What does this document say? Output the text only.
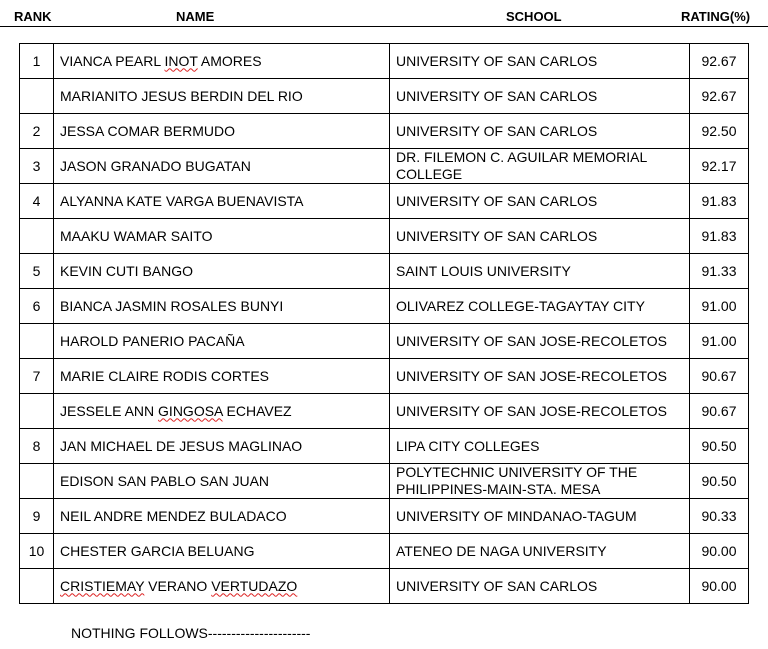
RANK	NAME	SCHOOL	RATING(%)
1	VIANCA PEARL INOT AMORES	UNIVERSITY OF SAN CARLOS	92.67
	MARIANITO JESUS BERDIN DEL RIO	UNIVERSITY OF SAN CARLOS	92.67
2	JESSA COMAR BERMUDO	UNIVERSITY OF SAN CARLOS	92.50
3	JASON GRANADO BUGATAN	DR. FILEMON C. AGUILAR MEMORIAL COLLEGE	92.17
4	ALYANNA KATE VARGA BUENAVISTA	UNIVERSITY OF SAN CARLOS	91.83
	MAAKU WAMAR SAITO	UNIVERSITY OF SAN CARLOS	91.83
5	KEVIN CUTI BANGO	SAINT LOUIS UNIVERSITY	91.33
6	BIANCA JASMIN ROSALES BUNYI	OLIVAREZ COLLEGE-TAGAYTAY CITY	91.00
	HAROLD PANERIO PACAÑA	UNIVERSITY OF SAN JOSE-RECOLETOS	91.00
7	MARIE CLAIRE RODIS CORTES	UNIVERSITY OF SAN JOSE-RECOLETOS	90.67
	JESSELE ANN GINGOSA ECHAVEZ	UNIVERSITY OF SAN JOSE-RECOLETOS	90.67
8	JAN MICHAEL DE JESUS MAGLINAO	LIPA CITY COLLEGES	90.50
	EDISON SAN PABLO SAN JUAN	POLYTECHNIC UNIVERSITY OF THE PHILIPPINES-MAIN-STA. MESA	90.50
9	NEIL ANDRE MENDEZ BULADACO	UNIVERSITY OF MINDANAO-TAGUM	90.33
10	CHESTER GARCIA BELUANG	ATENEO DE NAGA UNIVERSITY	90.00
	CRISTIEMAY VERANO VERTUDAZO	UNIVERSITY OF SAN CARLOS	90.00
NOTHING FOLLOWS----------------------
